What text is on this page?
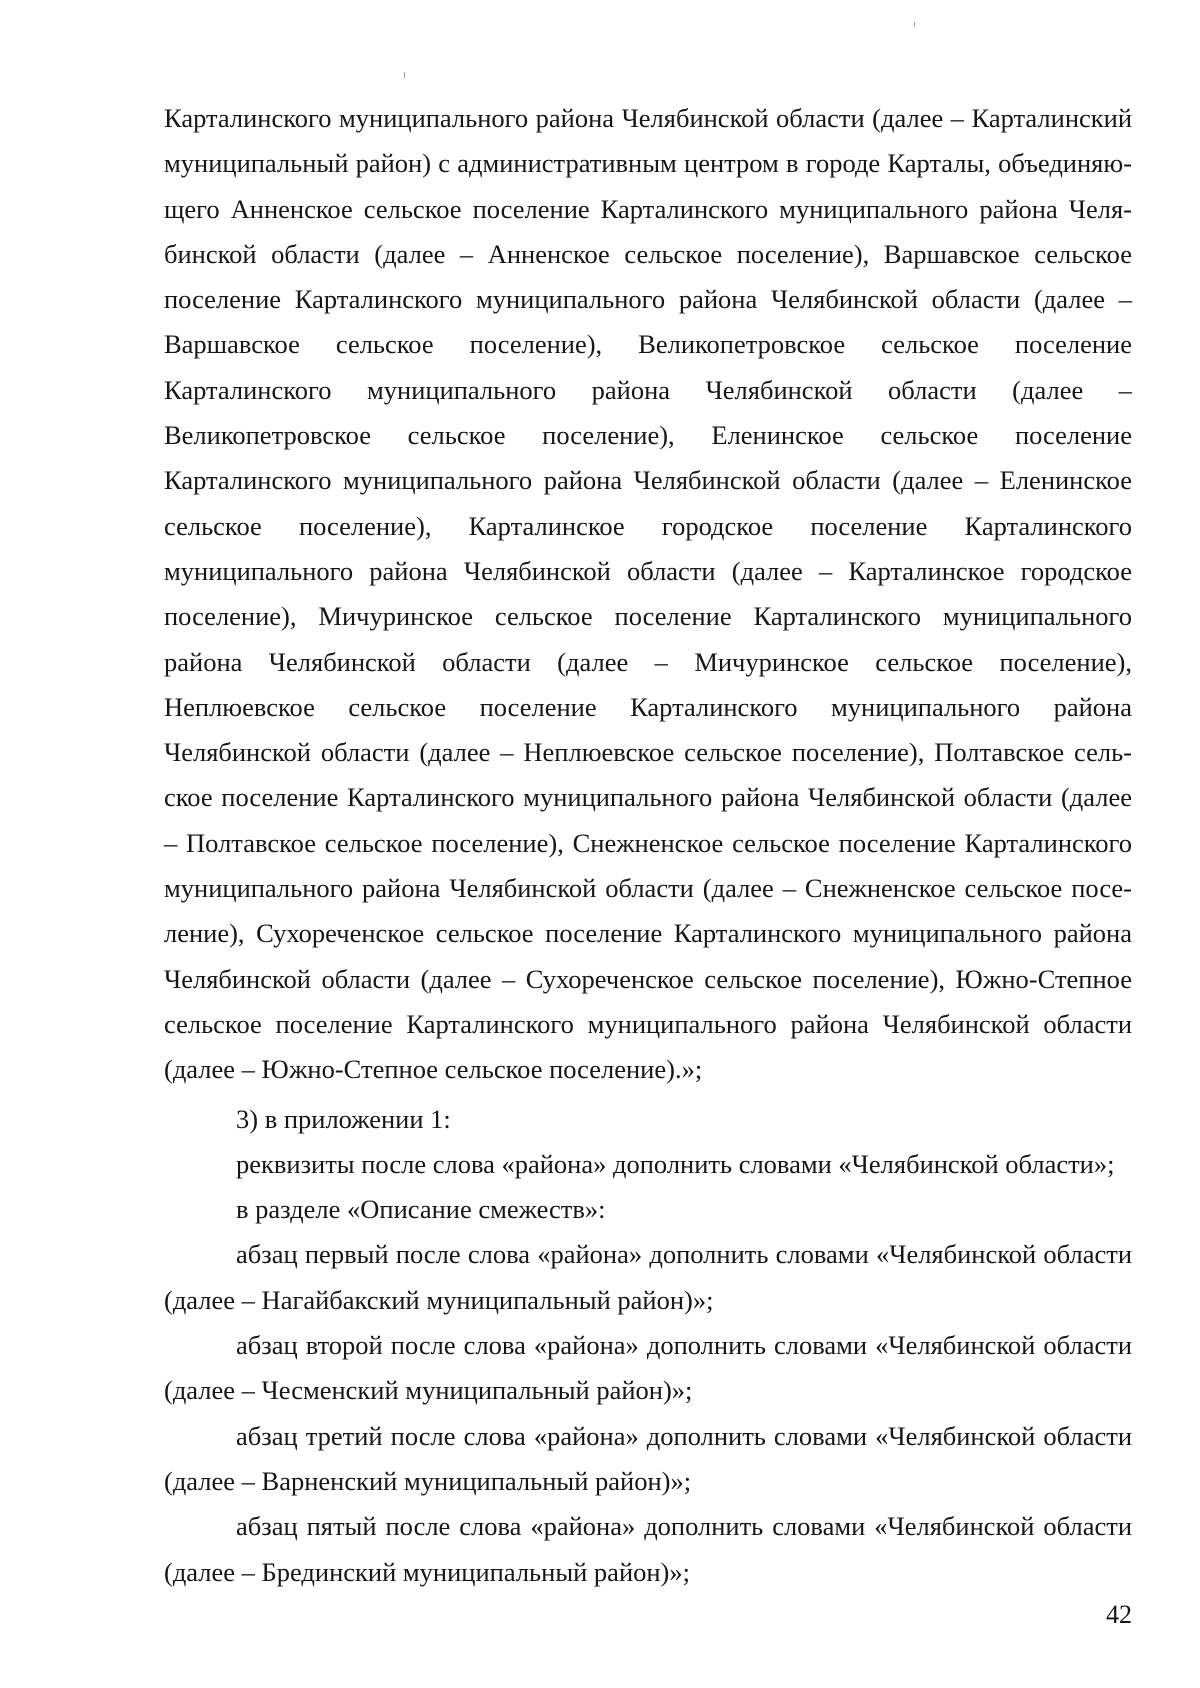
Карталинского муниципального района Челябинской области (далее – Карталинский муниципальный район) с административным центром в городе Карталы, объединяющего Анненское сельское поселение Карталинского муниципального района Челябинской области (далее – Анненское сельское поселение), Варшавское сельское поселение Карталинского муниципального района Челябинской области (далее – Варшавское сельское поселение), Великопетровское сельское поселение Карталинского муниципального района Челябинской области (далее – Великопетровское сельское поселение), Еленинское сельское поселение Карталинского муниципального района Челябинской области (далее – Еленинское сельское поселение), Карталинское городское поселение Карталинского муниципального района Челябинской области (далее – Карталинское городское поселение), Мичуринское сельское поселение Карталинского муниципального района Челябинской области (далее – Мичуринское сельское поселение), Неплюевское сельское поселение Карталинского муниципального района Челябинской области (далее – Неплюевское сельское поселение), Полтавское сельское поселение Карталинского муниципального района Челябинской области (далее – Полтавское сельское поселение), Снежненское сельское поселение Карталинского муниципального района Челябинской области (далее – Снежненское сельское поселение), Сухореченское сельское поселение Карталинского муниципального района Челябинской области (далее – Сухореченское сельское поселение), Южно-Степное сельское поселение Карталинского муниципального района Челябинской области (далее – Южно-Степное сельское поселение).»;

3) в приложении 1:

реквизиты после слова «района» дополнить словами «Челябинской области»;

в разделе «Описание смежеств»:

абзац первый после слова «района» дополнить словами «Челябинской области (далее – Нагайбакский муниципальный район)»;

абзац второй после слова «района» дополнить словами «Челябинской области (далее – Чесменский муниципальный район)»;

абзац третий после слова «района» дополнить словами «Челябинской области (далее – Варненский муниципальный район)»;

абзац пятый после слова «района» дополнить словами «Челябинской области (далее – Брединский муниципальный район)»;

42
